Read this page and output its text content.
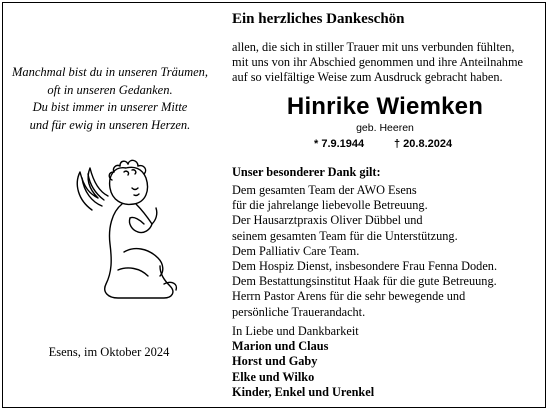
Manchmal bist du in unseren Träumen,
oft in unseren Gedanken.
Du bist immer in unserer Mitte
und für ewig in unseren Herzen.
Esens, im Oktober 2024
Ein herzliches Dankeschön
allen, die sich in stiller Trauer mit uns verbunden fühlten,
mit uns von ihr Abschied genommen und ihre Anteilnahme
auf so vielfältige Weise zum Ausdruck gebracht haben.
Hinrike Wiemken
geb. Heeren
* 7.9.1944	† 20.8.2024
Unser besonderer Dank gilt:
Dem gesamten Team der AWO Esens
für die jahrelange liebevolle Betreuung.
Der Hausarztpraxis Oliver Dübbel und
seinem gesamten Team für die Unterstützung.
Dem Palliativ Care Team.
Dem Hospiz Dienst, insbesondere Frau Fenna Doden.
Dem Bestattungsinstitut Haak für die gute Betreuung.
Herrn Pastor Arens für die sehr bewegende und
persönliche Trauerandacht.
In Liebe und Dankbarkeit
Marion und Claus
Horst und Gaby
Elke und Wilko
Kinder, Enkel und Urenkel
